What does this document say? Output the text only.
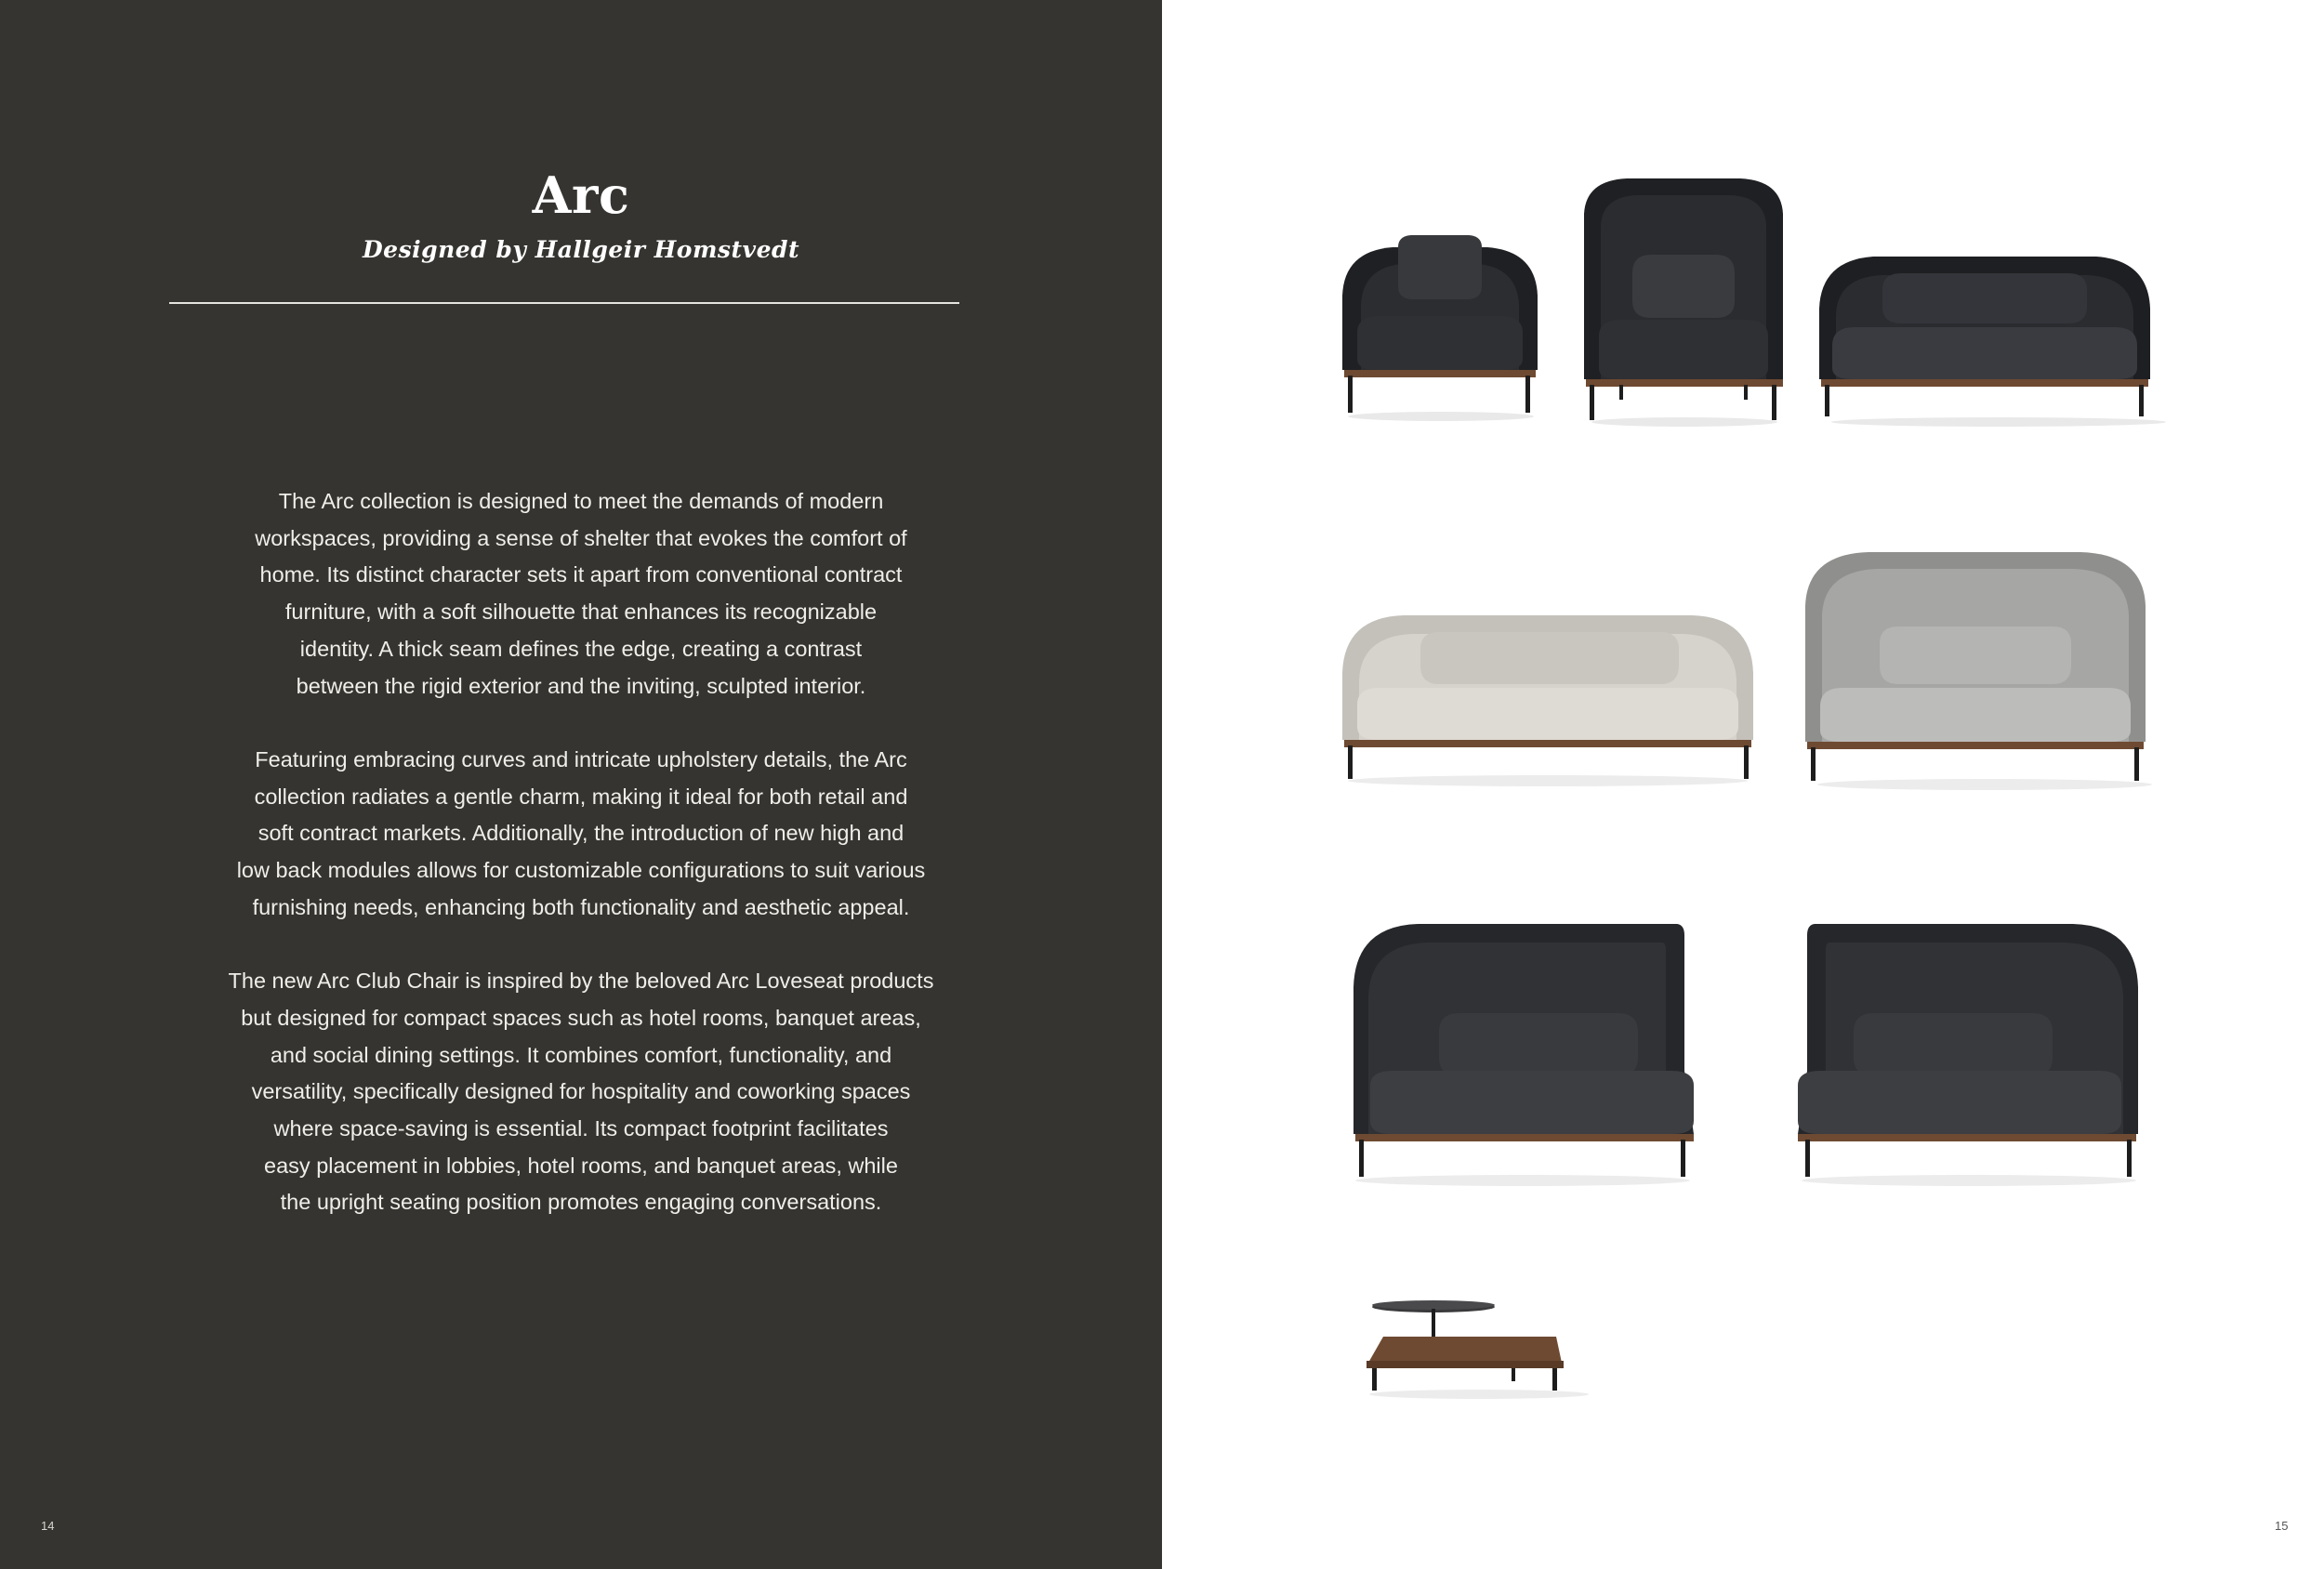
Arc
Designed by Hallgeir Homstvedt

The Arc collection is designed to meet the demands of modern
workspaces, providing a sense of shelter that evokes the comfort of
home. Its distinct character sets it apart from conventional contract
furniture, with a soft silhouette that enhances its recognizable
identity. A thick seam defines the edge, creating a contrast
between the rigid exterior and the inviting, sculpted interior.

Featuring embracing curves and intricate upholstery details, the Arc
collection radiates a gentle charm, making it ideal for both retail and
soft contract markets. Additionally, the introduction of new high and
low back modules allows for customizable configurations to suit various
furnishing needs, enhancing both functionality and aesthetic appeal.

The new Arc Club Chair is inspired by the beloved Arc Loveseat products
but designed for compact spaces such as hotel rooms, banquet areas,
and social dining settings. It combines comfort, functionality, and
versatility, specifically designed for hospitality and coworking spaces
where space-saving is essential. Its compact footprint facilitates
easy placement in lobbies, hotel rooms, and banquet areas, while
the upright seating position promotes engaging conversations.

14	15
